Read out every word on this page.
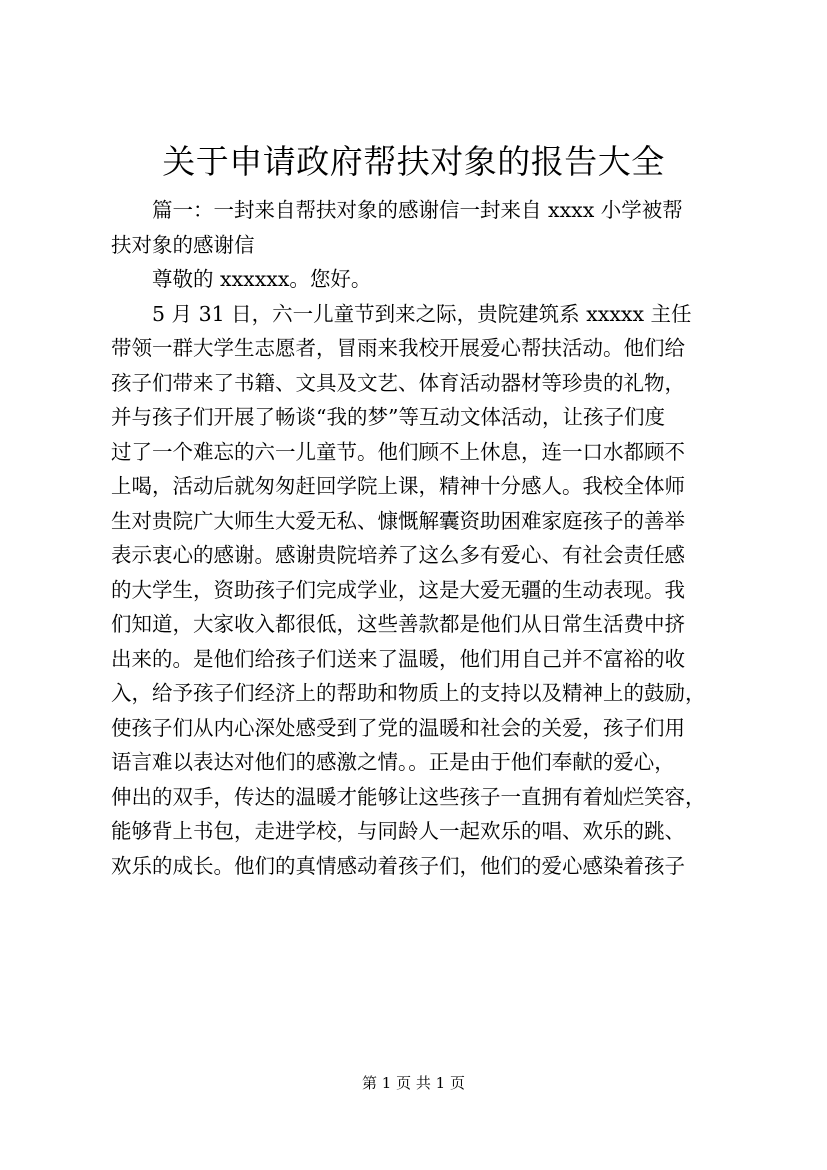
关于申请政府帮扶对象的报告大全

篇一：一封来自帮扶对象的感谢信一封来自 xxxx 小学被帮
扶对象的感谢信

尊敬的 xxxxxx。您好。

5 月 31 日，六一儿童节到来之际，贵院建筑系 xxxxx 主任
带领一群大学生志愿者，冒雨来我校开展爱心帮扶活动。他们给
孩子们带来了书籍、文具及文艺、体育活动器材等珍贵的礼物，
并与孩子们开展了畅谈“我的梦”等互动文体活动，让孩子们度
过了一个难忘的六一儿童节。他们顾不上休息，连一口水都顾不
上喝，活动后就匆匆赶回学院上课，精神十分感人。我校全体师
生对贵院广大师生大爱无私、慷慨解囊资助困难家庭孩子的善举
表示衷心的感谢。感谢贵院培养了这么多有爱心、有社会责任感
的大学生，资助孩子们完成学业，这是大爱无疆的生动表现。我
们知道，大家收入都很低，这些善款都是他们从日常生活费中挤
出来的。是他们给孩子们送来了温暖，他们用自己并不富裕的收
入，给予孩子们经济上的帮助和物质上的支持以及精神上的鼓励，
使孩子们从内心深处感受到了党的温暖和社会的关爱，孩子们用
语言难以表达对他们的感激之情。。正是由于他们奉献的爱心，
伸出的双手，传达的温暖才能够让这些孩子一直拥有着灿烂笑容，
能够背上书包，走进学校，与同龄人一起欢乐的唱、欢乐的跳、
欢乐的成长。他们的真情感动着孩子们，他们的爱心感染着孩子

第 1 页 共 1 页
